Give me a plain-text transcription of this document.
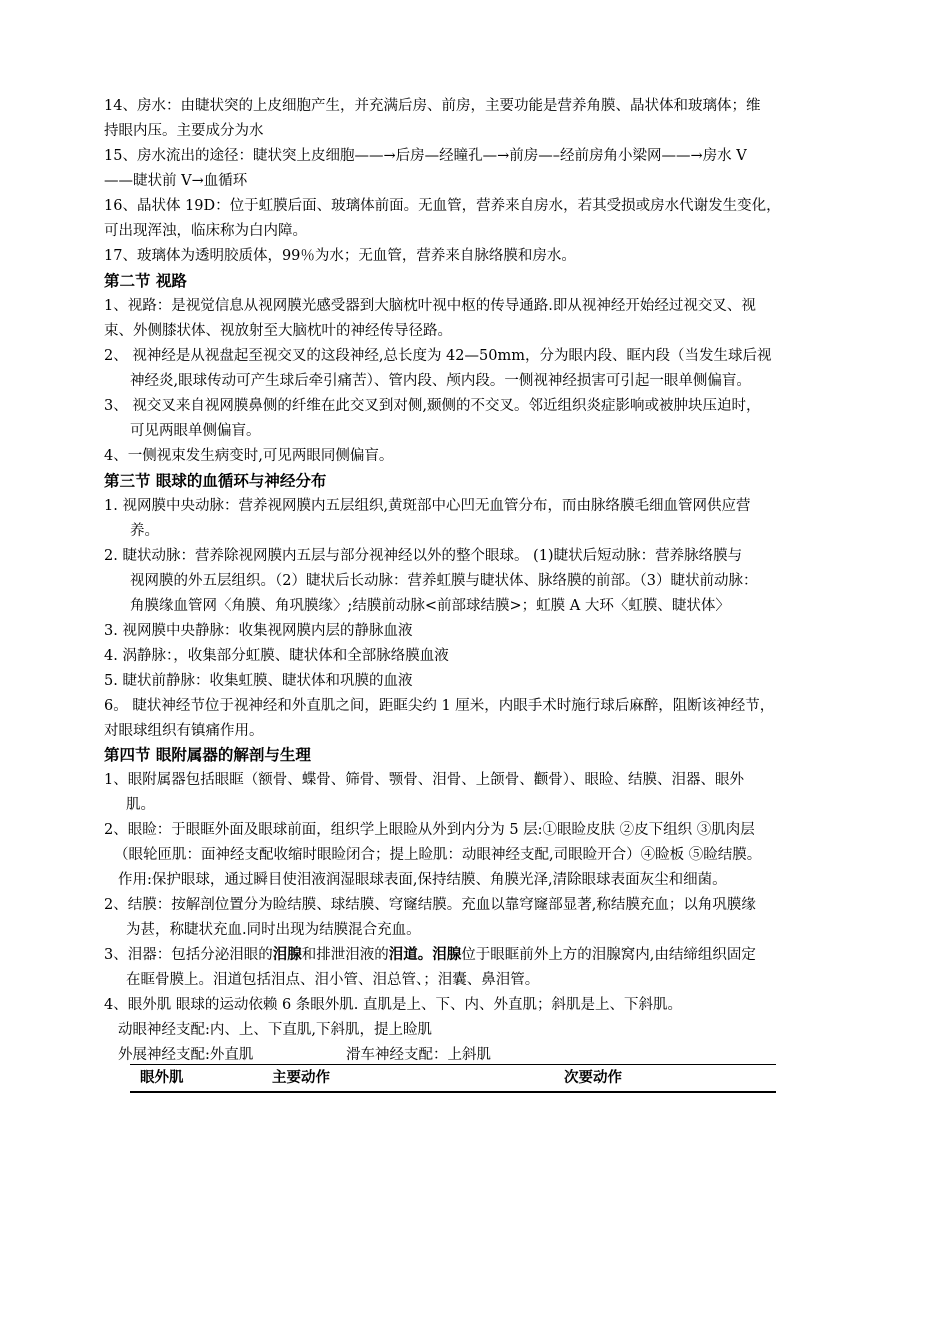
14、房水：由睫状突的上皮细胞产生，并充满后房、前房，主要功能是营养角膜、晶状体和玻璃体；维
持眼内压。主要成分为水
15、房水流出的途径：睫状突上皮细胞——→后房—经瞳孔—→前房—–经前房角小梁网——→房水 V
——睫状前 V→血循环
16、晶状体 19D：位于虹膜后面、玻璃体前面。无血管，营养来自房水，若其受损或房水代谢发生变化，
可出现浑浊，临床称为白内障。
17、玻璃体为透明胶质体，99％为水；无血管，营养来自脉络膜和房水。
第二节 视路
1、视路：是视觉信息从视网膜光感受器到大脑枕叶视中枢的传导通路.即从视神经开始经过视交叉、视
束、外侧膝状体、视放射至大脑枕叶的神经传导径路。
2、 视神经是从视盘起至视交叉的这段神经,总长度为 42—50mm，分为眼内段、眶内段（当发生球后视
神经炎,眼球传动可产生球后牵引痛苦）、管内段、颅内段。一侧视神经损害可引起一眼单侧偏盲。
3、 视交叉来自视网膜鼻侧的纤维在此交叉到对侧,颞侧的不交叉。邻近组织炎症影响或被肿块压迫时，
可见两眼单侧偏盲。
4、一侧视束发生病变时,可见两眼同侧偏盲。
第三节 眼球的血循环与神经分布
1. 视网膜中央动脉：营养视网膜内五层组织,黄斑部中心凹无血管分布，而由脉络膜毛细血管网供应营
养。
2. 睫状动脉：营养除视网膜内五层与部分视神经以外的整个眼球。 (1)睫状后短动脉：营养脉络膜与
视网膜的外五层组织。（2）睫状后长动脉：营养虹膜与睫状体、脉络膜的前部。（3）睫状前动脉：
角膜缘血管网〈角膜、角巩膜缘〉;结膜前动脉<前部球结膜>；虹膜 A 大环〈虹膜、睫状体〉
3. 视网膜中央静脉：收集视网膜内层的静脉血液
4. 涡静脉：，收集部分虹膜、睫状体和全部脉络膜血液
5. 睫状前静脉：收集虹膜、睫状体和巩膜的血液
6。 睫状神经节位于视神经和外直肌之间，距眶尖约 1 厘米，内眼手术时施行球后麻醉，阻断该神经节，
对眼球组织有镇痛作用。
第四节 眼附属器的解剖与生理
1、眼附属器包括眼眶（额骨、蝶骨、筛骨、颚骨、泪骨、上颌骨、颧骨）、眼睑、结膜、泪器、眼外
肌。
2、眼睑：于眼眶外面及眼球前面，组织学上眼睑从外到内分为 5 层:①眼睑皮肤 ②皮下组织 ③肌肉层
（眼轮匝肌：面神经支配收缩时眼睑闭合；提上睑肌：动眼神经支配,司眼睑开合）④睑板 ⑤睑结膜。
作用:保护眼球，通过瞬目使泪液润湿眼球表面,保持结膜、角膜光泽,清除眼球表面灰尘和细菌。
2、结膜：按解剖位置分为睑结膜、球结膜、穹窿结膜。充血以靠穹窿部显著,称结膜充血；以角巩膜缘
为甚，称睫状充血.同时出现为结膜混合充血。
3、泪器：包括分泌泪眼的泪腺和排泄泪液的泪道。泪腺位于眼眶前外上方的泪腺窝内,由结缔组织固定
在眶骨膜上。泪道包括泪点、泪小管、泪总管、；泪囊、鼻泪管。
4、眼外肌 眼球的运动依赖 6 条眼外肌. 直肌是上、下、内、外直肌；斜肌是上、下斜肌。
动眼神经支配:内、上、下直肌,下斜肌，提上睑肌
外展神经支配:外直肌	滑车神经支配：上斜肌
眼外肌	主要动作	次要动作
